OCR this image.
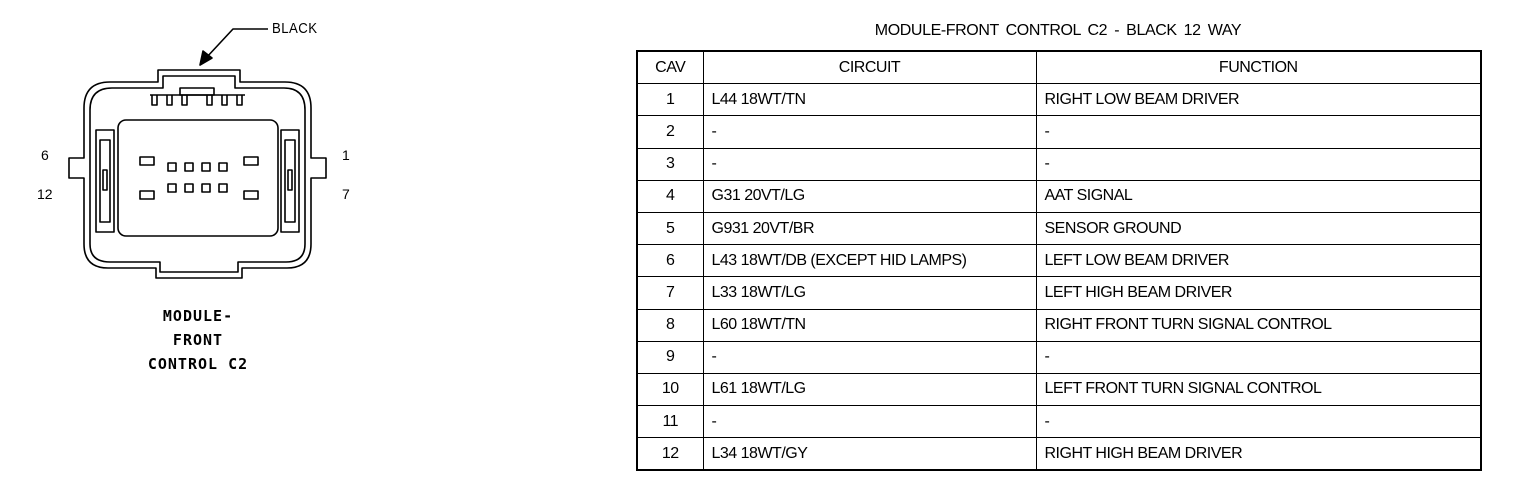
BLACK
6
12
1
7
MODULE-
FRONT
CONTROL C2
MODULE-FRONT CONTROL C2 - BLACK 12 WAY
CAV	CIRCUIT	FUNCTION
1	L44 18WT/TN	RIGHT LOW BEAM DRIVER
2	-	-
3	-	-
4	G31 20VT/LG	AAT SIGNAL
5	G931 20VT/BR	SENSOR GROUND
6	L43 18WT/DB (EXCEPT HID LAMPS)	LEFT LOW BEAM DRIVER
7	L33 18WT/LG	LEFT HIGH BEAM DRIVER
8	L60 18WT/TN	RIGHT FRONT TURN SIGNAL CONTROL
9	-	-
10	L61 18WT/LG	LEFT FRONT TURN SIGNAL CONTROL
11	-	-
12	L34 18WT/GY	RIGHT HIGH BEAM DRIVER
